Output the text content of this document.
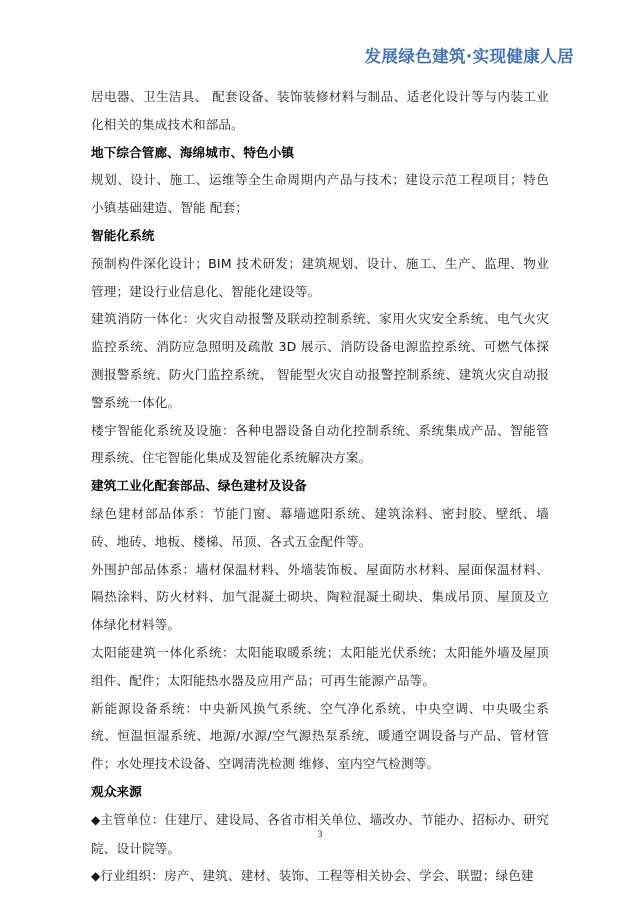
发展绿色建筑·实现健康人居

居电器、卫生洁具、 配套设备、装饰装修材料与制品、适老化设计等与内装工业化相关的集成技术和部品。

地下综合管廊、海绵城市、特色小镇

规划、设计、施工、运维等全生命周期内产品与技术；建设示范工程项目；特色小镇基础建造、智能 配套；

智能化系统

预制构件深化设计；BIM 技术研发；建筑规划、设计、施工、生产、监理、物业管理；建设行业信息化、智能化建设等。

建筑消防一体化：火灾自动报警及联动控制系统、家用火灾安全系统、电气火灾监控系统、消防应急照明及疏散 3D 展示、消防设备电源监控系统、可燃气体探测报警系统、防火门监控系统、 智能型火灾自动报警控制系统、建筑火灾自动报警系统一体化。

楼宇智能化系统及设施：各种电器设备自动化控制系统、系统集成产品、智能管理系统、住宅智能化集成及智能化系统解决方案。

建筑工业化配套部品、绿色建材及设备

绿色建材部品体系：节能门窗、幕墙遮阳系统、建筑涂料、密封胶、壁纸、墙砖、地砖、地板、楼梯、吊顶、各式五金配件等。

外围护部品体系：墙材保温材料、外墙装饰板、屋面防水材料、屋面保温材料、隔热涂料、防火材料、加气混凝土砌块、陶粒混凝土砌块、集成吊顶、屋顶及立体绿化材料等。

太阳能建筑一体化系统：太阳能取暖系统；太阳能光伏系统；太阳能外墙及屋顶组件、配件；太阳能热水器及应用产品；可再生能源产品等。

新能源设备系统：中央新风换气系统、空气净化系统、中央空调、中央吸尘系统、恒温恒湿系统、地源/水源/空气源热泵系统、暖通空调设备与产品、管材管件；水处理技术设备、空调清洗检测 维修、室内空气检测等。

观众来源

◆主管单位：住建厅、建设局、各省市相关单位、墙改办、节能办、招标办、研究院、设计院等。

◆行业组织：房产、建筑、建材、装饰、工程等相关协会、学会、联盟；绿色建

3
